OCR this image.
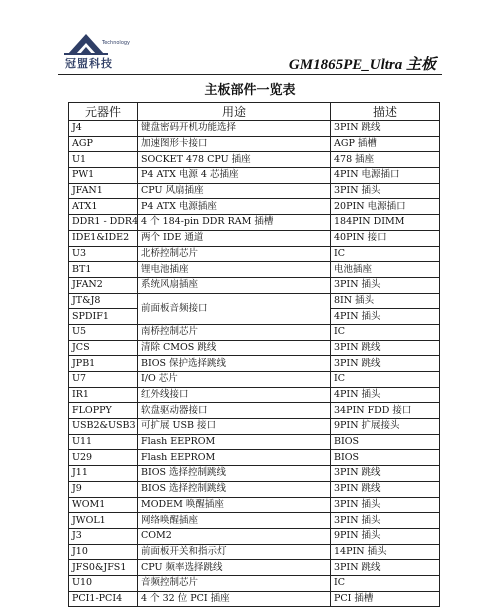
Technology
冠盟科技	GM1865PE_Ultra 主板
主板部件一览表
元器件	用途	描述
J4	键盘密码开机功能选择	3PIN 跳线
AGP	加速图形卡接口	AGP 插槽
U1	SOCKET 478 CPU 插座	478 插座
PW1	P4 ATX 电源 4 芯插座	4PIN 电源插口
JFAN1	CPU 风扇插座	3PIN 插头
ATX1	P4 ATX 电源插座	20PIN 电源插口
DDR1 - DDR4	4 个 184-pin DDR RAM 插槽	184PIN DIMM
IDE1&IDE2	两个 IDE 通道	40PIN 接口
U3	北桥控制芯片	IC
BT1	锂电池插座	电池插座
JFAN2	系统风扇插座	3PIN 插头
JT&J8	前面板音频接口	8IN 插头
SPDIF1		4PIN 插头
U5	南桥控制芯片	IC
JCS	清除 CMOS 跳线	3PIN 跳线
JPB1	BIOS 保护选择跳线	3PIN 跳线
U7	I/O 芯片	IC
IR1	红外线接口	4PIN 插头
FLOPPY	软盘驱动器接口	34PIN FDD 接口
USB2&USB3	可扩展 USB 接口	9PIN 扩展接头
U11	Flash EEPROM	BIOS
U29	Flash EEPROM	BIOS
J11	BIOS 选择控制跳线	3PIN 跳线
J9	BIOS 选择控制跳线	3PIN 跳线
WOM1	MODEM 唤醒插座	3PIN 插头
JWOL1	网络唤醒插座	3PIN 插头
J3	COM2	9PIN 插头
J10	前面板开关和指示灯	14PIN 插头
JFS0&JFS1	CPU 频率选择跳线	3PIN 跳线
U10	音频控制芯片	IC
PCI1-PCI4	4 个 32 位 PCI 插座	PCI 插槽
